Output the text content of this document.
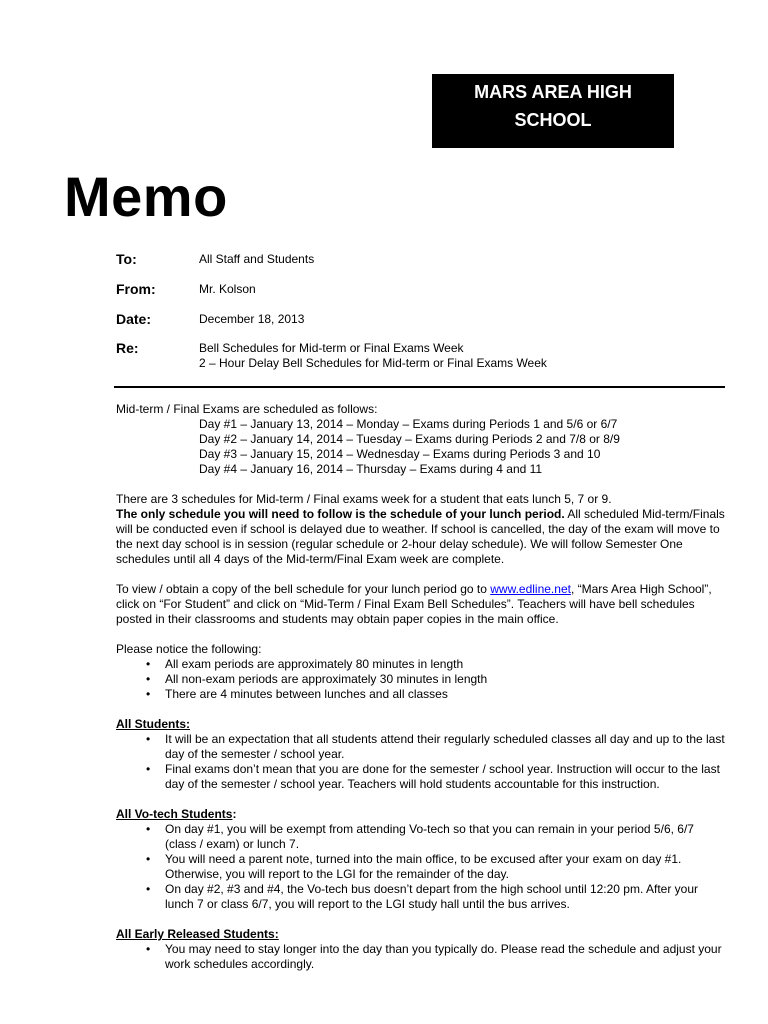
MARS AREA HIGH
SCHOOL
Memo
To:	All Staff and Students
From:	Mr. Kolson
Date:	December 18, 2013
Re:	Bell Schedules for Mid-term or Final Exams Week
2 – Hour Delay Bell Schedules for Mid-term or Final Exams Week

Mid-term / Final Exams are scheduled as follows:

Day #1 – January 13, 2014 – Monday – Exams during Periods 1 and 5/6 or 6/7

Day #2 – January 14, 2014 – Tuesday – Exams during Periods 2 and 7/8 or 8/9

Day #3 – January 15, 2014 – Wednesday – Exams during Periods 3 and 10

Day #4 – January 16, 2014 – Thursday – Exams during 4 and 11

There are 3 schedules for Mid-term / Final exams week for a student that eats lunch 5, 7 or 9.
The only schedule you will need to follow is the schedule of your lunch period. All scheduled Mid-term/Finals will be conducted even if school is delayed due to weather. If school is cancelled, the day of the exam will move to the next day school is in session (regular schedule or 2-hour delay schedule). We will follow Semester One schedules until all 4 days of the Mid-term/Final Exam week are complete.

To view / obtain a copy of the bell schedule for your lunch period go to www.edline.net, “Mars Area High School”, click on “For Student” and click on “Mid-Term / Final Exam Bell Schedules”. Teachers will have bell schedules posted in their classrooms and students may obtain paper copies in the main office.

Please notice the following:

• All exam periods are approximately 80 minutes in length
• All non-exam periods are approximately 30 minutes in length
• There are 4 minutes between lunches and all classes

All Students:

• It will be an expectation that all students attend their regularly scheduled classes all day and up to the last day of the semester / school year.
• Final exams don’t mean that you are done for the semester / school year. Instruction will occur to the last day of the semester / school year. Teachers will hold students accountable for this instruction.

All Vo-tech Students:

• On day #1, you will be exempt from attending Vo-tech so that you can remain in your period 5/6, 6/7 (class / exam) or lunch 7.
• You will need a parent note, turned into the main office, to be excused after your exam on day #1. Otherwise, you will report to the LGI for the remainder of the day.
• On day #2, #3 and #4, the Vo-tech bus doesn’t depart from the high school until 12:20 pm. After your lunch 7 or class 6/7, you will report to the LGI study hall until the bus arrives.

All Early Released Students:

• You may need to stay longer into the day than you typically do. Please read the schedule and adjust your work schedules accordingly.
